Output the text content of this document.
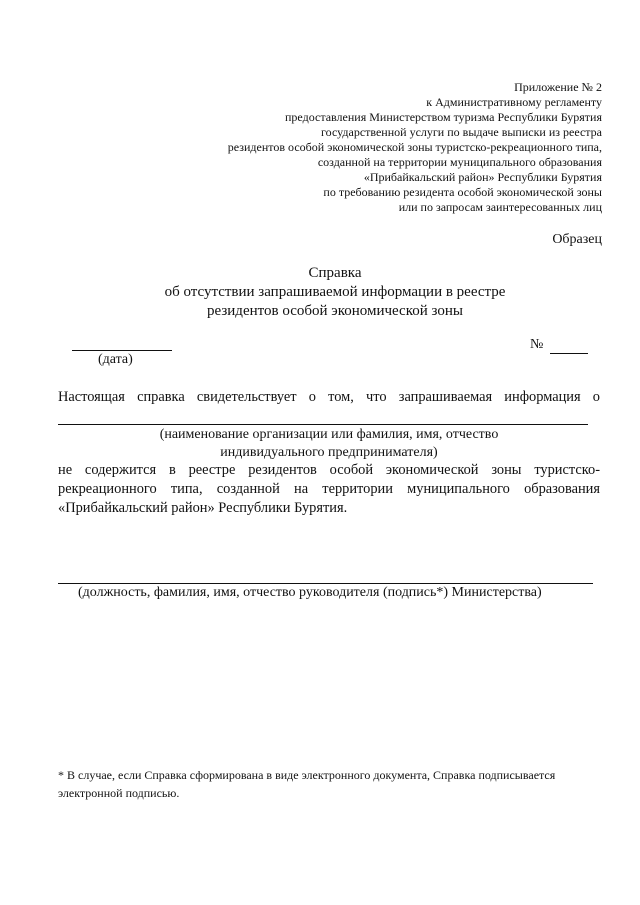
Приложение № 2
к Административному регламенту
предоставления Министерством туризма Республики Бурятия
государственной услуги по выдаче выписки из реестра
резидентов особой экономической зоны туристско-рекреационного типа,
созданной на территории муниципального образования
«Прибайкальский район» Республики Бурятия
по требованию резидента особой экономической зоны
или по запросам заинтересованных лиц
Образец
Справка
об отсутствии запрашиваемой информации в реестре
резидентов особой экономической зоны
(дата)
№
Настоящая справка свидетельствует о том, что запрашиваемая информация о
(наименование организации или фамилия, имя, отчество
индивидуального предпринимателя)
не содержится в реестре резидентов особой экономической зоны туристско-
рекреационного типа, созданной на территории муниципального образования
«Прибайкальский район» Республики Бурятия.
(должность, фамилия, имя, отчество руководителя (подпись*) Министерства)
* В случае, если Справка сформирована в виде электронного документа, Справка подписывается
электронной подписью.
